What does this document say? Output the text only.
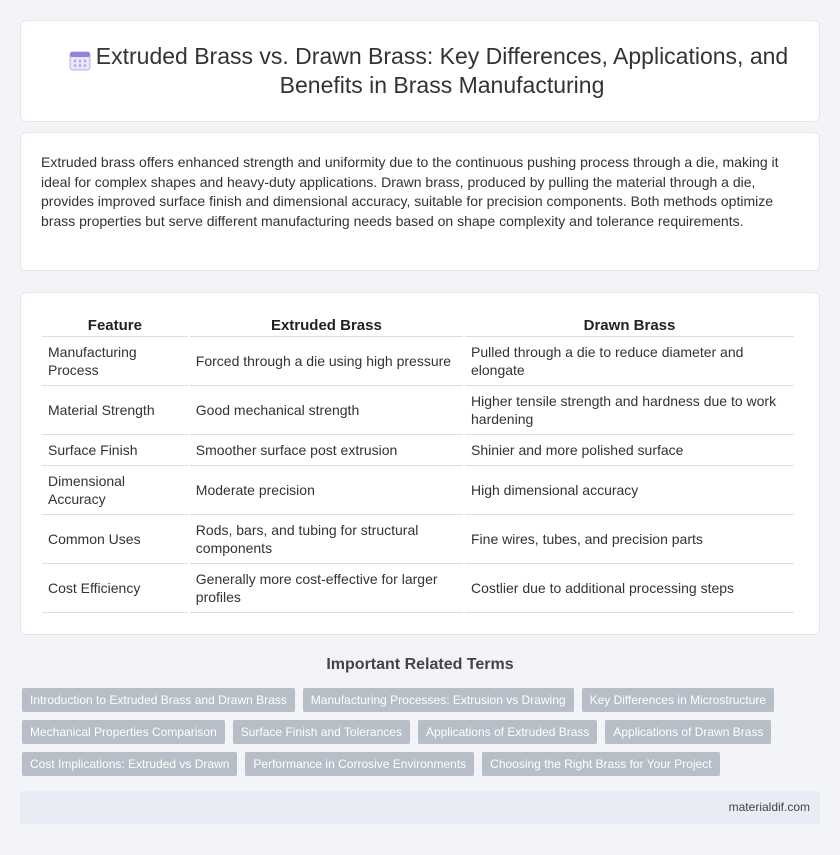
Extruded Brass vs. Drawn Brass: Key Differences, Applications, and Benefits in Brass Manufacturing

Extruded brass offers enhanced strength and uniformity due to the continuous pushing process through a die, making it ideal for complex shapes and heavy-duty applications. Drawn brass, produced by pulling the material through a die, provides improved surface finish and dimensional accuracy, suitable for precision components. Both methods optimize brass properties but serve different manufacturing needs based on shape complexity and tolerance requirements.

Feature	Extruded Brass	Drawn Brass
Manufacturing Process	Forced through a die using high pressure	Pulled through a die to reduce diameter and elongate
Material Strength	Good mechanical strength	Higher tensile strength and hardness due to work hardening
Surface Finish	Smoother surface post extrusion	Shinier and more polished surface
Dimensional Accuracy	Moderate precision	High dimensional accuracy
Common Uses	Rods, bars, and tubing for structural components	Fine wires, tubes, and precision parts
Cost Efficiency	Generally more cost-effective for larger profiles	Costlier due to additional processing steps
Important Related Terms
Introduction to Extruded Brass and Drawn Brass	Manufacturing Processes: Extrusion vs Drawing	Key Differences in Microstructure
Mechanical Properties Comparison	Surface Finish and Tolerances	Applications of Extruded Brass	Applications of Drawn Brass
Cost Implications: Extruded vs Drawn	Performance in Corrosive Environments	Choosing the Right Brass for Your Project
materialdif.com
